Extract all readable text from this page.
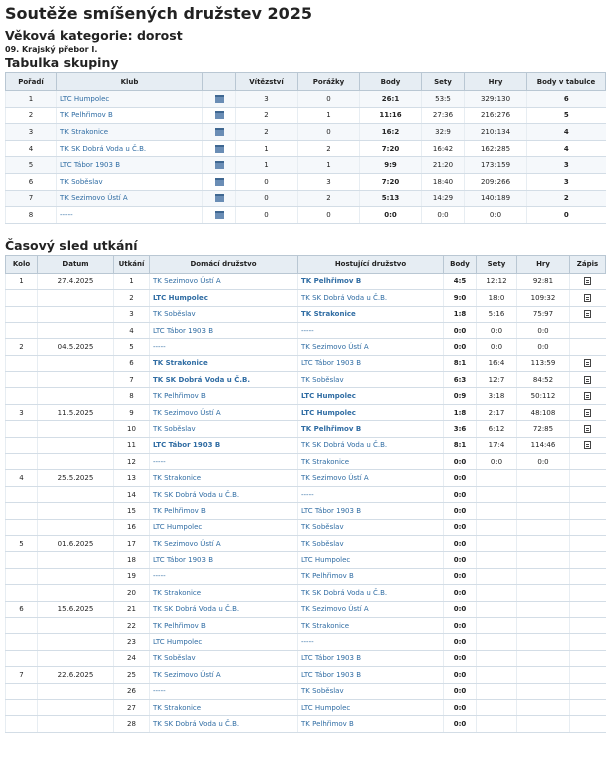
Soutěže smíšených družstev 2025
Věková kategorie: dorost
09. Krajský přebor I.
Tabulka skupiny
Pořadí	Klub		Vítězství	Porážky	Body	Sety	Hry	Body v tabulce
1	LTC Humpolec		3	0	26:1	53:5	329:130	6
2	TK Pelhřimov B		2	1	11:16	27:36	216:276	5
3	TK Strakonice		2	0	16:2	32:9	210:134	4
4	TK SK Dobrá Voda u Č.B.		1	2	7:20	16:42	162:285	4
5	LTC Tábor 1903 B		1	1	9:9	21:20	173:159	3
6	TK Soběslav		0	3	7:20	18:40	209:266	3
7	TK Sezimovo Ústí A		0	2	5:13	14:29	140:189	2
8	-----		0	0	0:0	0:0	0:0	0
Časový sled utkání
Kolo	Datum	Utkání	Domácí družstvo	Hostující družstvo	Body	Sety	Hry	Zápis
1	27.4.2025	1	TK Sezimovo Ústí A	TK Pelhřimov B	4:5	12:12	92:81	
		2	LTC Humpolec	TK SK Dobrá Voda u Č.B.	9:0	18:0	109:32	
		3	TK Soběslav	TK Strakonice	1:8	5:16	75:97	
		4	LTC Tábor 1903 B	-----	0:0	0:0	0:0	
2	04.5.2025	5	-----	TK Sezimovo Ústí A	0:0	0:0	0:0	
		6	TK Strakonice	LTC Tábor 1903 B	8:1	16:4	113:59	
		7	TK SK Dobrá Voda u Č.B.	TK Soběslav	6:3	12:7	84:52	
		8	TK Pelhřimov B	LTC Humpolec	0:9	3:18	50:112	
3	11.5.2025	9	TK Sezimovo Ústí A	LTC Humpolec	1:8	2:17	48:108	
		10	TK Soběslav	TK Pelhřimov B	3:6	6:12	72:85	
		11	LTC Tábor 1903 B	TK SK Dobrá Voda u Č.B.	8:1	17:4	114:46	
		12	-----	TK Strakonice	0:0	0:0	0:0	
4	25.5.2025	13	TK Strakonice	TK Sezimovo Ústí A	0:0			
		14	TK SK Dobrá Voda u Č.B.	-----	0:0			
		15	TK Pelhřimov B	LTC Tábor 1903 B	0:0			
		16	LTC Humpolec	TK Soběslav	0:0			
5	01.6.2025	17	TK Sezimovo Ústí A	TK Soběslav	0:0			
		18	LTC Tábor 1903 B	LTC Humpolec	0:0			
		19	-----	TK Pelhřimov B	0:0			
		20	TK Strakonice	TK SK Dobrá Voda u Č.B.	0:0			
6	15.6.2025	21	TK SK Dobrá Voda u Č.B.	TK Sezimovo Ústí A	0:0			
		22	TK Pelhřimov B	TK Strakonice	0:0			
		23	LTC Humpolec	-----	0:0			
		24	TK Soběslav	LTC Tábor 1903 B	0:0			
7	22.6.2025	25	TK Sezimovo Ústí A	LTC Tábor 1903 B	0:0			
		26	-----	TK Soběslav	0:0			
		27	TK Strakonice	LTC Humpolec	0:0			
		28	TK SK Dobrá Voda u Č.B.	TK Pelhřimov B	0:0			
